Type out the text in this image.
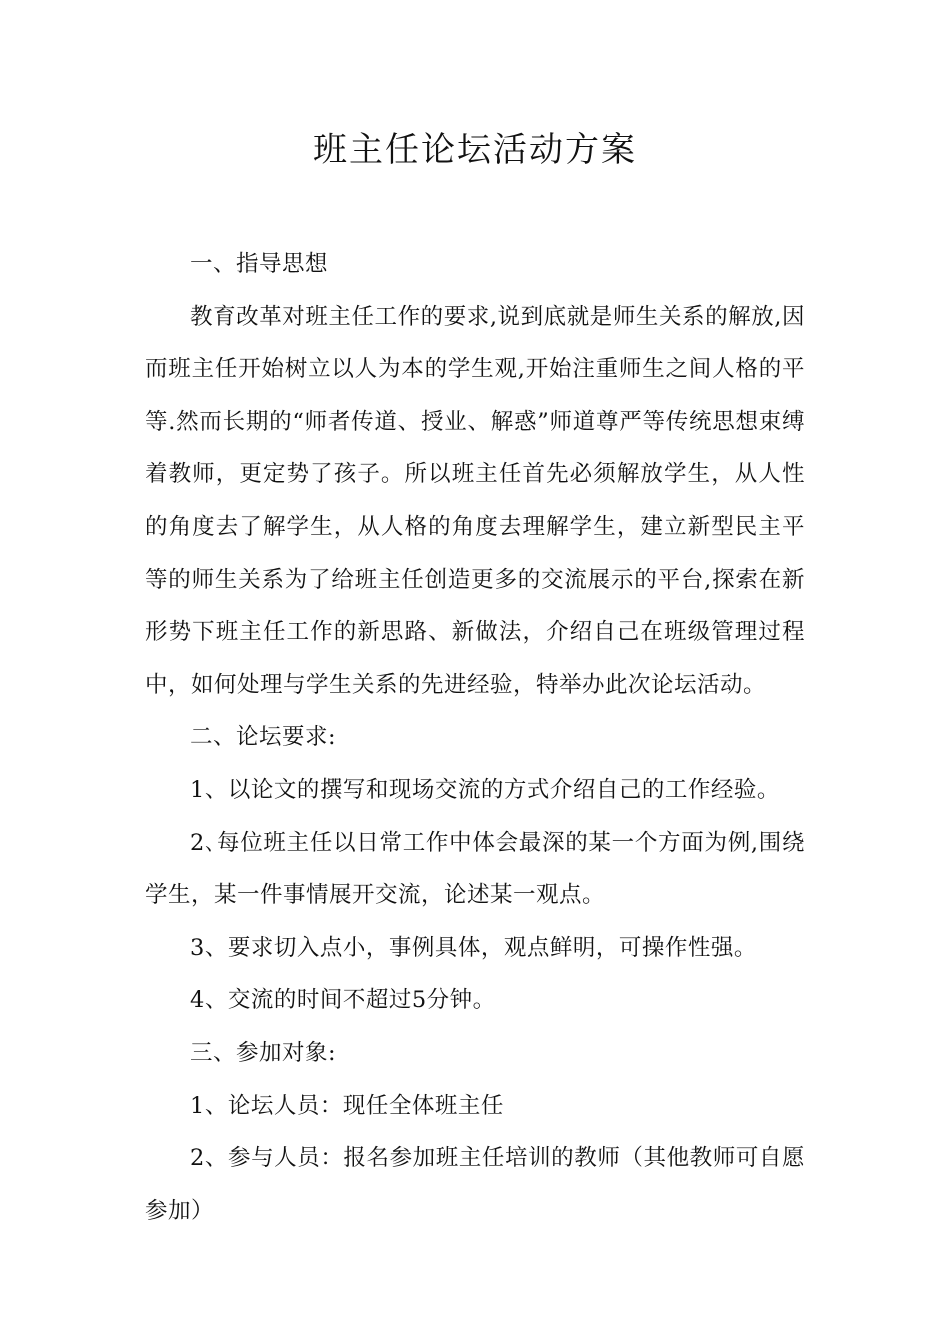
班主任论坛活动方案

一、指导思想

教育改革对班主任工作的要求,说到底就是师生关系的解放,因而班主任开始树立以人为本的学生观,开始注重师生之间人格的平等.然而长期的“师者传道、授业、解惑”师道尊严等传统思想束缚着教师，更定势了孩子。所以班主任首先必须解放学生，从人性的角度去了解学生，从人格的角度去理解学生，建立新型民主平等的师生关系为了给班主任创造更多的交流展示的平台,探索在新形势下班主任工作的新思路、新做法，介绍自己在班级管理过程中，如何处理与学生关系的先进经验，特举办此次论坛活动。

二、论坛要求:

1、以论文的撰写和现场交流的方式介绍自己的工作经验。

2､每位班主任以日常工作中体会最深的某一个方面为例,围绕学生，某一件事情展开交流，论述某一观点。

3、要求切入点小，事例具体，观点鲜明，可操作性强。

4、交流的时间不超过5分钟。

三、参加对象:

1、论坛人员：现任全体班主任

2、参与人员：报名参加班主任培训的教师（其他教师可自愿参加）
